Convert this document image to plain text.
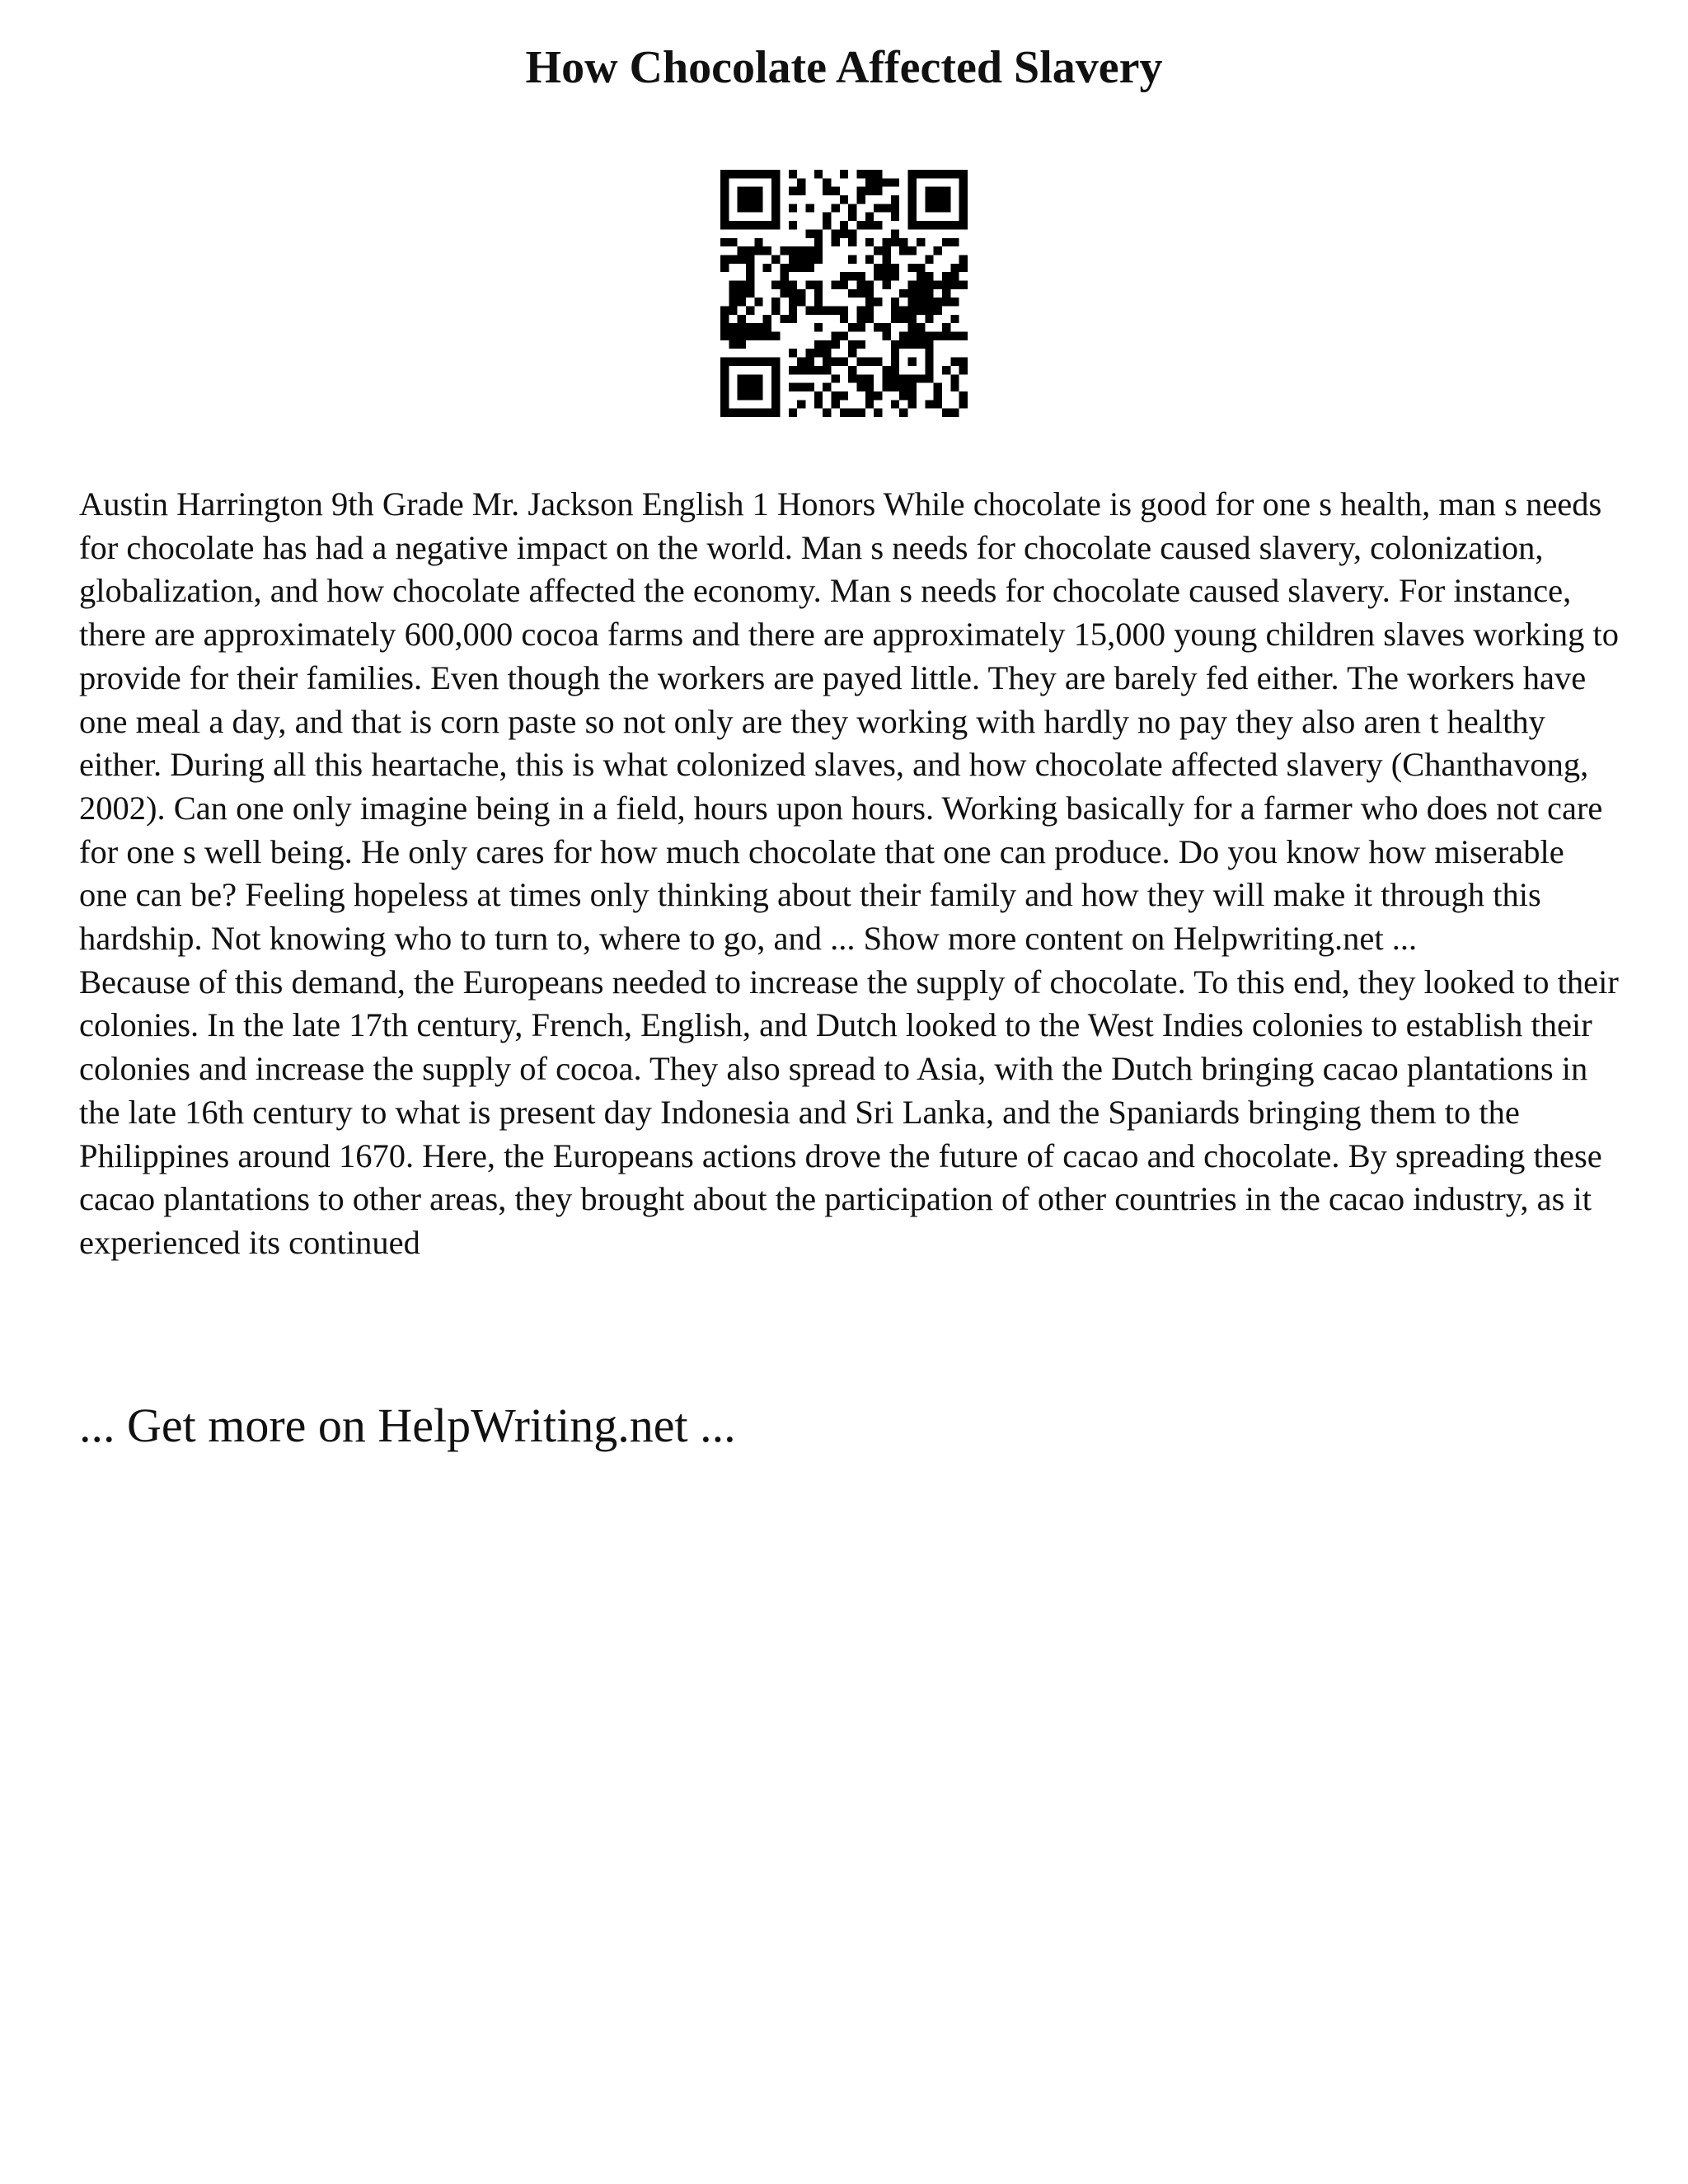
How Chocolate Affected Slavery

Austin Harrington 9th Grade Mr. Jackson English 1 Honors While chocolate is good for one s health, man s needs for chocolate has had a negative impact on the world. Man s needs for chocolate caused slavery, colonization, globalization, and how chocolate affected the economy. Man s needs for chocolate caused slavery. For instance, there are approximately 600,000 cocoa farms and there are approximately 15,000 young children slaves working to provide for their families. Even though the workers are payed little. They are barely fed either. The workers have one meal a day, and that is corn paste so not only are they working with hardly no pay they also aren t healthy either. During all this heartache, this is what colonized slaves, and how chocolate affected slavery (Chanthavong, 2002). Can one only imagine being in a field, hours upon hours. Working basically for a farmer who does not care for one s well being. He only cares for how much chocolate that one can produce. Do you know how miserable one can be? Feeling hopeless at times only thinking about their family and how they will make it through this hardship. Not knowing who to turn to, where to go, and ... Show more content on Helpwriting.net ...

Because of this demand, the Europeans needed to increase the supply of chocolate. To this end, they looked to their colonies. In the late 17th century, French, English, and Dutch looked to the West Indies colonies to establish their colonies and increase the supply of cocoa. They also spread to Asia, with the Dutch bringing cacao plantations in the late 16th century to what is present day Indonesia and Sri Lanka, and the Spaniards bringing them to the Philippines around 1670. Here, the Europeans actions drove the future of cacao and chocolate. By spreading these cacao plantations to other areas, they brought about the participation of other countries in the cacao industry, as it experienced its continued

... Get more on HelpWriting.net ...
